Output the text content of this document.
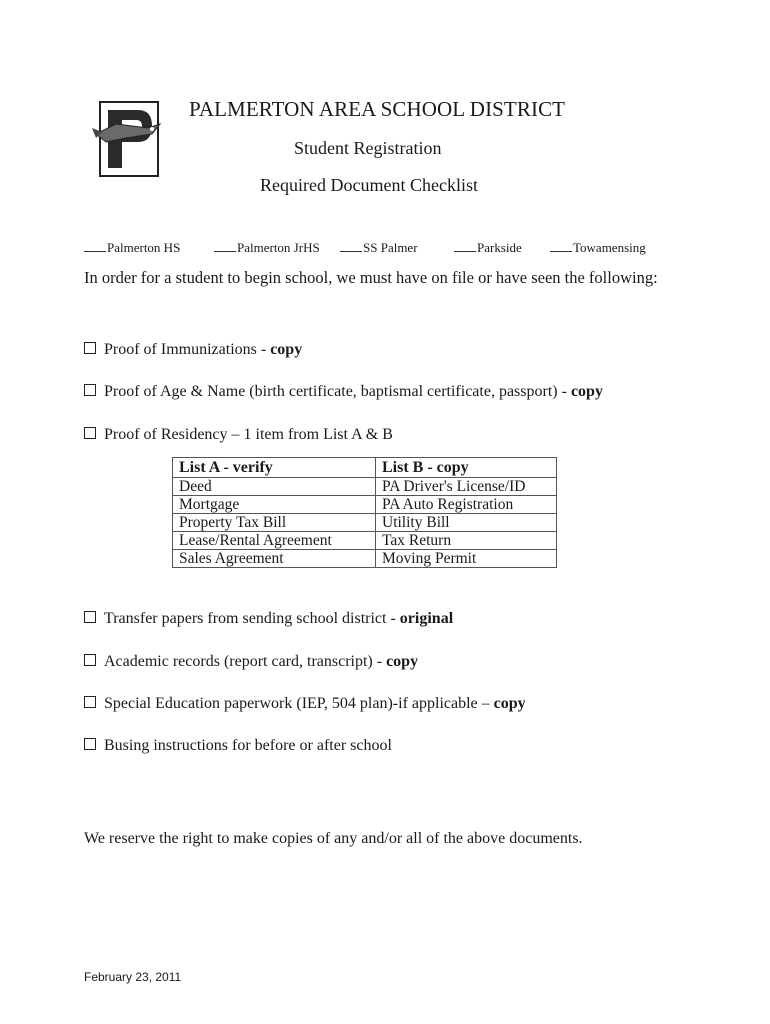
PALMERTON AREA SCHOOL DISTRICT
Student Registration
Required Document Checklist
Palmerton HS	Palmerton JrHS	SS Palmer	Parkside	Towamensing
In order for a student to begin school, we must have on file or have seen the following:
Proof of Immunizations - copy
Proof of Age & Name (birth certificate, baptismal certificate, passport) - copy
Proof of Residency – 1 item from List A & B
List A - verify	List B - copy
Deed	PA Driver's License/ID
Mortgage	PA Auto Registration
Property Tax Bill	Utility Bill
Lease/Rental Agreement	Tax Return
Sales Agreement	Moving Permit
Transfer papers from sending school district - original
Academic records (report card, transcript) - copy
Special Education paperwork (IEP, 504 plan)-if applicable – copy
Busing instructions for before or after school
We reserve the right to make copies of any and/or all of the above documents.
February 23, 2011
